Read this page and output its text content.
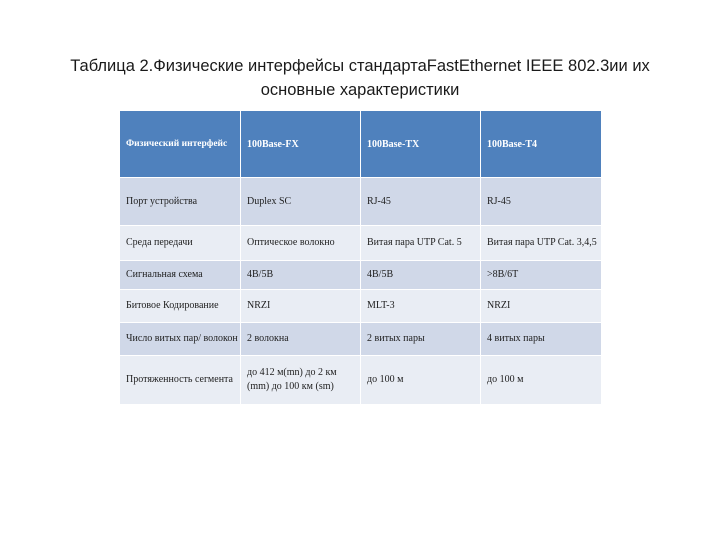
Таблица 2.Физические интерфейсы стандартаFastEthernet IEEE 802.3ии их
основные характеристики
Физический интерфейс	100Base-FX	100Base-TX	100Base-T4
Порт устройства	Duplex SC	RJ-45	RJ-45
Среда передачи	Оптическое волокно	Витая пара UTP Cat. 5	Витая пара UTP Cat. 3,4,5
Сигнальная схема	4B/5B	4B/5B	>8B/6T
Битовое Кодирование	NRZI	MLT-3	NRZI
Число витых пар/ волокон	2 волокна	2 витых пары	4 витых пары
Протяженность сегмента	до 412 м(mn) до 2 км (mm) до 100 км (sm)	до 100 м	до 100 м
